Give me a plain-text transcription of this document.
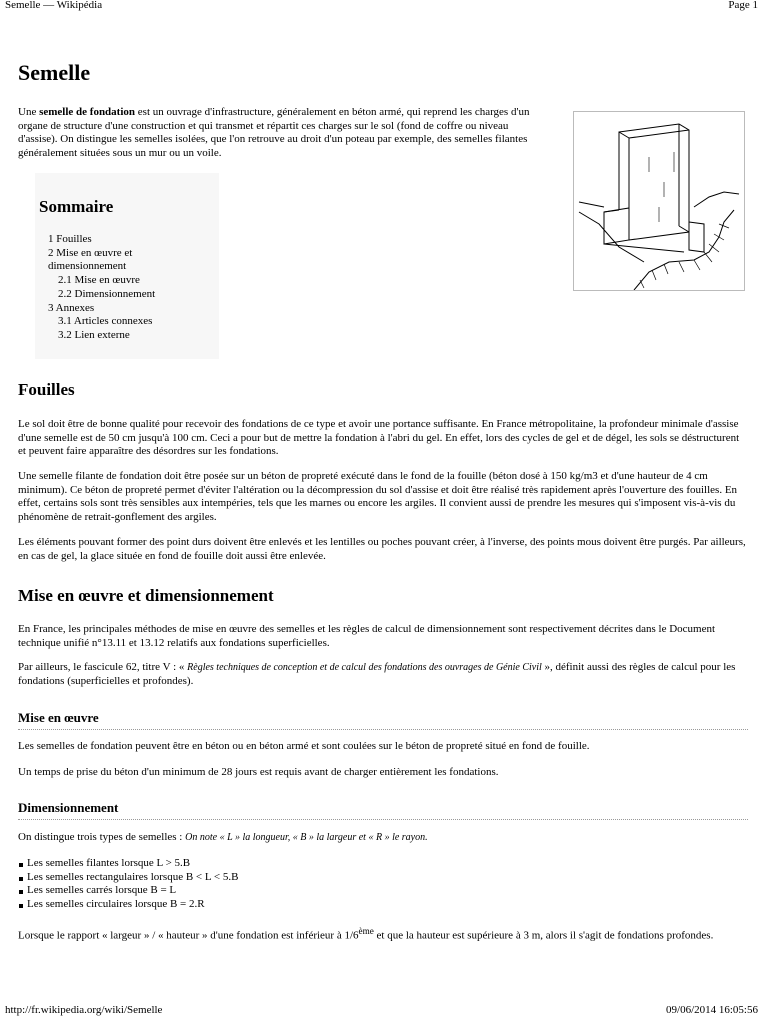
Semelle — Wikipédia	Page 1
Semelle

Une semelle de fondation est un ouvrage d'infrastructure, généralement en béton armé, qui reprend les charges d'un organe de structure d'une construction et qui transmet et répartit ces charges sur le sol (fond de coffre ou niveau d'assise). On distingue les semelles isolées, que l'on retrouve au droit d'un poteau par exemple, des semelles filantes généralement situées sous un mur ou un voile.

Sommaire
1 Fouilles
2 Mise en œuvre et dimensionnement
2.1 Mise en œuvre
2.2 Dimensionnement
3 Annexes
3.1 Articles connexes
3.2 Lien externe
Fouilles

Le sol doit être de bonne qualité pour recevoir des fondations de ce type et avoir une portance suffisante. En France métropolitaine, la profondeur minimale d'assise d'une semelle est de 50 cm jusqu'à 100 cm. Ceci a pour but de mettre la fondation à l'abri du gel. En effet, lors des cycles de gel et de dégel, les sols se déstructurent et peuvent faire apparaître des désordres sur les fondations.

Une semelle filante de fondation doit être posée sur un béton de propreté exécuté dans le fond de la fouille (béton dosé à 150 kg/m3 et d'une hauteur de 4 cm minimum). Ce béton de propreté permet d'éviter l'altération ou la décompression du sol d'assise et doit être réalisé très rapidement après l'ouverture des fouilles. En effet, certains sols sont très sensibles aux intempéries, tels que les marnes ou encore les argiles. Il convient aussi de prendre les mesures qui s'imposent vis-à-vis du phénomène de retrait-gonflement des argiles.

Les éléments pouvant former des point durs doivent être enlevés et les lentilles ou poches pouvant créer, à l'inverse, des points mous doivent être purgés. Par ailleurs, en cas de gel, la glace située en fond de fouille doit aussi être enlevée.

Mise en œuvre et dimensionnement

En France, les principales méthodes de mise en œuvre des semelles et les règles de calcul de dimensionnement sont respectivement décrites dans le Document technique unifié n°13.11 et 13.12 relatifs aux fondations superficielles.

Par ailleurs, le fascicule 62, titre V : « Règles techniques de conception et de calcul des fondations des ouvrages de Génie Civil », définit aussi des règles de calcul pour les fondations (superficielles et profondes).

Mise en œuvre

Les semelles de fondation peuvent être en béton ou en béton armé et sont coulées sur le béton de propreté situé en fond de fouille.

Un temps de prise du béton d'un minimum de 28 jours est requis avant de charger entièrement les fondations.

Dimensionnement

On distingue trois types de semelles : On note « L » la longueur, « B » la largeur et « R » le rayon.

Les semelles filantes lorsque L > 5.B
Les semelles rectangulaires lorsque B < L < 5.B
Les semelles carrés lorsque B = L
Les semelles circulaires lorsque B = 2.R

Lorsque le rapport « largeur » / « hauteur » d'une fondation est inférieur à 1/6ème et que la hauteur est supérieure à 3 m, alors il s'agit de fondations profondes.

http://fr.wikipedia.org/wiki/Semelle	09/06/2014 16:05:56
